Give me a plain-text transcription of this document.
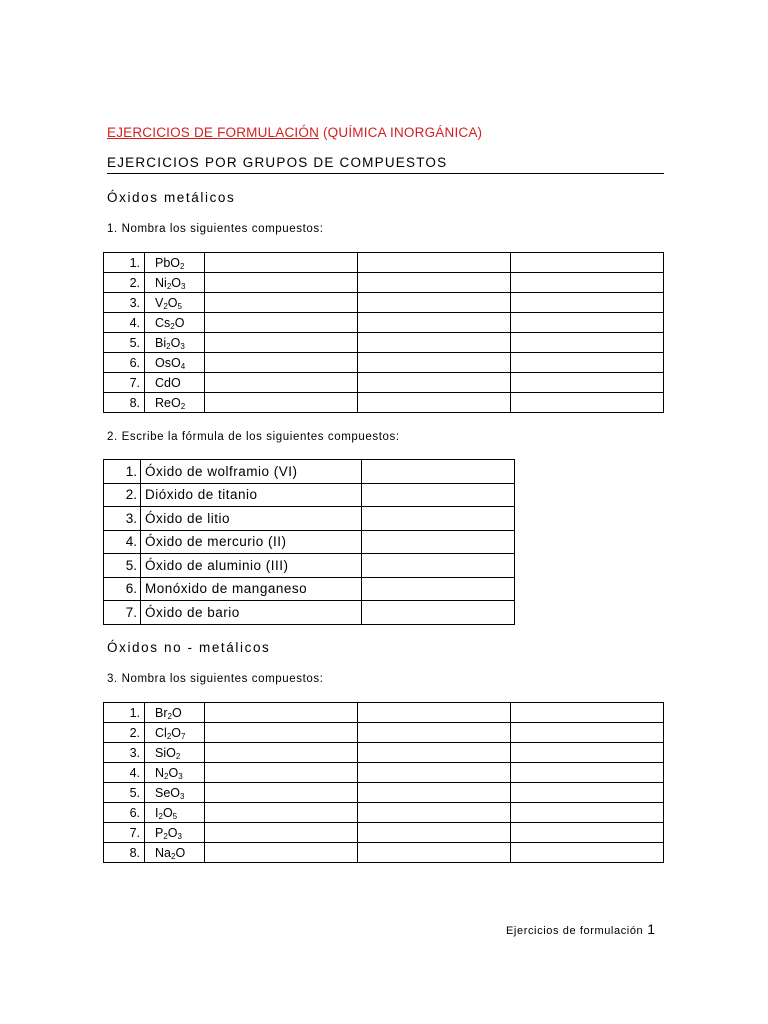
EJERCICIOS DE FORMULACIÓN (QUÍMICA INORGÁNICA)
EJERCICIOS POR GRUPOS DE COMPUESTOS
Óxidos metálicos
1. Nombra los siguientes compuestos:
1.	PbO$_2$			
2.	$Ni_2O_3$			
3.	$V_2O_5$			
4.	$Cs_2O$			
5.	$Bi_2O_3$			
6.	OsO$_4$			
7.	CdO			
8.	ReO$_2$			
2. Escribe la fórmula de los siguientes compuestos:
1.	Óxido de wolframio (VI)	
2.	Dióxido de titanio	
3.	Óxido de litio	
4.	Óxido de mercurio (II)	
5.	Óxido de aluminio (III)	
6.	Monóxido de manganeso	
7.	Óxido de bario	
Óxidos no - metálicos
3. Nombra los siguientes compuestos:
1.	$Br_2O$			
2.	$Cl_2O_7$			
3.	SiO$_2$			
4.	$N_2O_3$			
5.	SeO$_3$			
6.	$I_2O_5$			
7.	$P_2O_3$			
8.	$Na_2O$			
Ejercicios de formulación 1
